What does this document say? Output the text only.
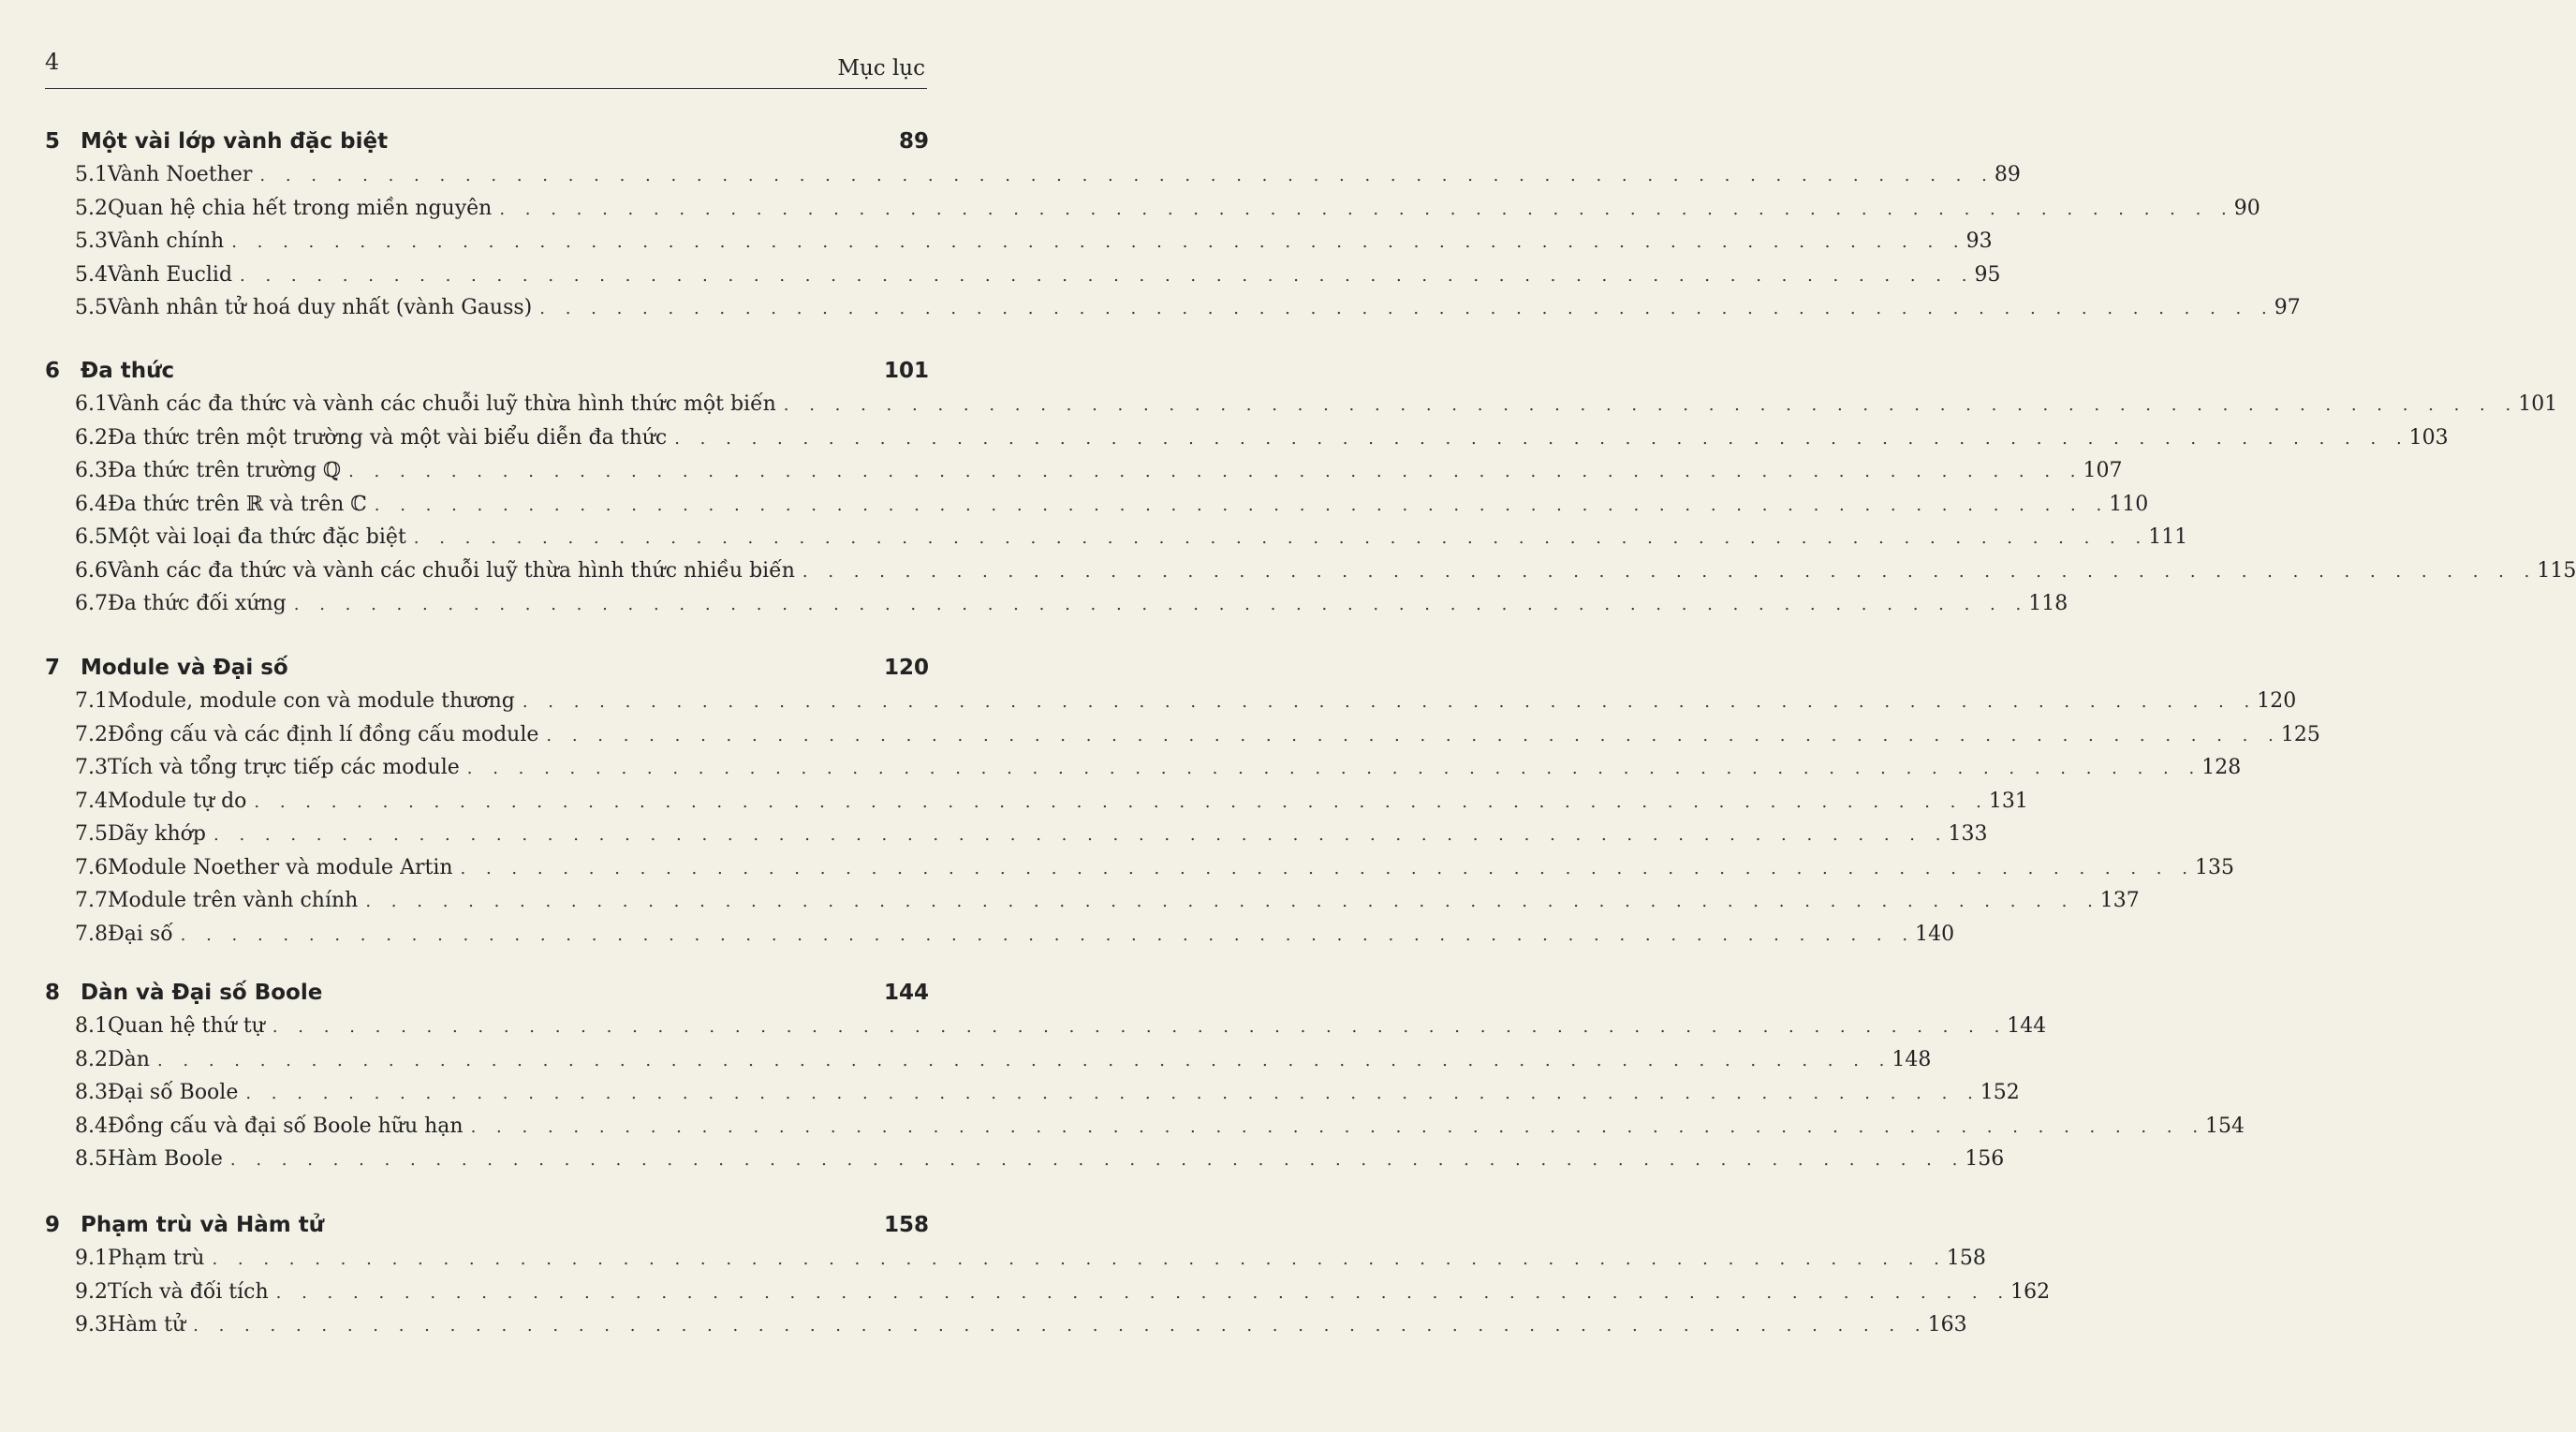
4	Mục lục
5 Một vài lớp vành đặc biệt	89
5.1 Vành Noether . . . . . . . . . . . . . . . . . . . . . . . . . . . . . . . . . . . . . . . . . . . . . . . . . . . . . . . . . . . . . . . . . . . . 89
5.2 Quan hệ chia hết trong miền nguyên . . . . . . . . . . . . . . . . . . . . . . . . . . . . . . . . . . . . . . . . . . . . . . . . . . . . . . . . . . . . . . . . . . . . 90
5.3 Vành chính . . . . . . . . . . . . . . . . . . . . . . . . . . . . . . . . . . . . . . . . . . . . . . . . . . . . . . . . . . . . . . . . . . . . 93
5.4 Vành Euclid . . . . . . . . . . . . . . . . . . . . . . . . . . . . . . . . . . . . . . . . . . . . . . . . . . . . . . . . . . . . . . . . . . . . 95
5.5 Vành nhân tử hoá duy nhất (vành Gauss) . . . . . . . . . . . . . . . . . . . . . . . . . . . . . . . . . . . . . . . . . . . . . . . . . . . . . . . . . . . . . . . . . . . . 97
6 Đa thức	101
6.1 Vành các đa thức và vành các chuỗi luỹ thừa hình thức một biến . . . . . . . . . . . . . . . . . . . . . . . . . . . . . . . . . . . . . . . . . . . . . . . . . . . . . . . . . . . . . . . . . . . . 101
6.2 Đa thức trên một trường và một vài biểu diễn đa thức . . . . . . . . . . . . . . . . . . . . . . . . . . . . . . . . . . . . . . . . . . . . . . . . . . . . . . . . . . . . . . . . . . . . 103
6.3 Đa thức trên trường ℚ . . . . . . . . . . . . . . . . . . . . . . . . . . . . . . . . . . . . . . . . . . . . . . . . . . . . . . . . . . . . . . . . . . . . 107
6.4 Đa thức trên ℝ và trên ℂ . . . . . . . . . . . . . . . . . . . . . . . . . . . . . . . . . . . . . . . . . . . . . . . . . . . . . . . . . . . . . . . . . . . . 110
6.5 Một vài loại đa thức đặc biệt . . . . . . . . . . . . . . . . . . . . . . . . . . . . . . . . . . . . . . . . . . . . . . . . . . . . . . . . . . . . . . . . . . . . 111
6.6 Vành các đa thức và vành các chuỗi luỹ thừa hình thức nhiều biến . . . . . . . . . . . . . . . . . . . . . . . . . . . . . . . . . . . . . . . . . . . . . . . . . . . . . . . . . . . . . . . . . . . . 115
6.7 Đa thức đối xứng . . . . . . . . . . . . . . . . . . . . . . . . . . . . . . . . . . . . . . . . . . . . . . . . . . . . . . . . . . . . . . . . . . . . 118
7 Module và Đại số	120
7.1 Module, module con và module thương . . . . . . . . . . . . . . . . . . . . . . . . . . . . . . . . . . . . . . . . . . . . . . . . . . . . . . . . . . . . . . . . . . . . 120
7.2 Đồng cấu và các định lí đồng cấu module . . . . . . . . . . . . . . . . . . . . . . . . . . . . . . . . . . . . . . . . . . . . . . . . . . . . . . . . . . . . . . . . . . . . 125
7.3 Tích và tổng trực tiếp các module . . . . . . . . . . . . . . . . . . . . . . . . . . . . . . . . . . . . . . . . . . . . . . . . . . . . . . . . . . . . . . . . . . . . 128
7.4 Module tự do . . . . . . . . . . . . . . . . . . . . . . . . . . . . . . . . . . . . . . . . . . . . . . . . . . . . . . . . . . . . . . . . . . . . 131
7.5 Dãy khớp . . . . . . . . . . . . . . . . . . . . . . . . . . . . . . . . . . . . . . . . . . . . . . . . . . . . . . . . . . . . . . . . . . . . 133
7.6 Module Noether và module Artin . . . . . . . . . . . . . . . . . . . . . . . . . . . . . . . . . . . . . . . . . . . . . . . . . . . . . . . . . . . . . . . . . . . . 135
7.7 Module trên vành chính . . . . . . . . . . . . . . . . . . . . . . . . . . . . . . . . . . . . . . . . . . . . . . . . . . . . . . . . . . . . . . . . . . . . 137
7.8 Đại số . . . . . . . . . . . . . . . . . . . . . . . . . . . . . . . . . . . . . . . . . . . . . . . . . . . . . . . . . . . . . . . . . . . . 140
8 Dàn và Đại số Boole	144
8.1 Quan hệ thứ tự . . . . . . . . . . . . . . . . . . . . . . . . . . . . . . . . . . . . . . . . . . . . . . . . . . . . . . . . . . . . . . . . . . . . 144
8.2 Dàn . . . . . . . . . . . . . . . . . . . . . . . . . . . . . . . . . . . . . . . . . . . . . . . . . . . . . . . . . . . . . . . . . . . . 148
8.3 Đại số Boole . . . . . . . . . . . . . . . . . . . . . . . . . . . . . . . . . . . . . . . . . . . . . . . . . . . . . . . . . . . . . . . . . . . . 152
8.4 Đồng cấu và đại số Boole hữu hạn . . . . . . . . . . . . . . . . . . . . . . . . . . . . . . . . . . . . . . . . . . . . . . . . . . . . . . . . . . . . . . . . . . . . 154
8.5 Hàm Boole . . . . . . . . . . . . . . . . . . . . . . . . . . . . . . . . . . . . . . . . . . . . . . . . . . . . . . . . . . . . . . . . . . . . 156
9 Phạm trù và Hàm tử	158
9.1 Phạm trù . . . . . . . . . . . . . . . . . . . . . . . . . . . . . . . . . . . . . . . . . . . . . . . . . . . . . . . . . . . . . . . . . . . . 158
9.2 Tích và đối tích . . . . . . . . . . . . . . . . . . . . . . . . . . . . . . . . . . . . . . . . . . . . . . . . . . . . . . . . . . . . . . . . . . . . 162
9.3 Hàm tử . . . . . . . . . . . . . . . . . . . . . . . . . . . . . . . . . . . . . . . . . . . . . . . . . . . . . . . . . . . . . . . . . . . . 163
